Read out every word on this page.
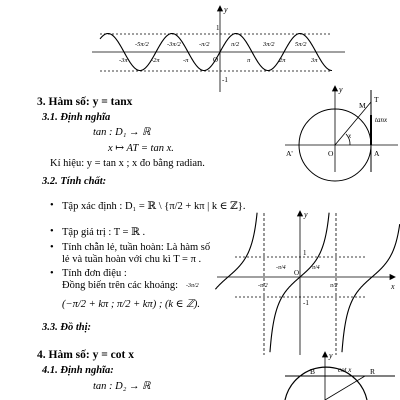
y
1
-1
O
-3π
-5π/2
-2π
-3π/2
-π
-π/2	π/2
π
3π/2
2π
5π/2
3π
3. Hàm số: y = tanx
3.1. Định nghĩa
tan : D₁ → ℝ
x ↦ AT = tan x.
Kí hiệu: y = tan x ; x đo bằng radian.
3.2. Tính chất:
• Tập xác định : D₁ = ℝ \ {π/2 + kπ | k ∈ ℤ}.
• Tập giá trị : T = ℝ .
• Tính chẵn lẻ, tuần hoàn: Là hàm số
lẻ và tuần hoàn với chu kì T = π .
• Tính đơn điệu :
Đồng biến trên các khoảng:
(−π/2 + kπ ; π/2 + kπ) ; (k ∈ ℤ).
3.3. Đồ thị:
y
T
M
tanx
x
A'	O	A
y
x
1
-1
O
-3π/2	-π/2
-π/4	π/4
π/2
4. Hàm số: y = cot x
4.1. Định nghĩa:
tan : D₂ → ℝ
y
B	cot x R
